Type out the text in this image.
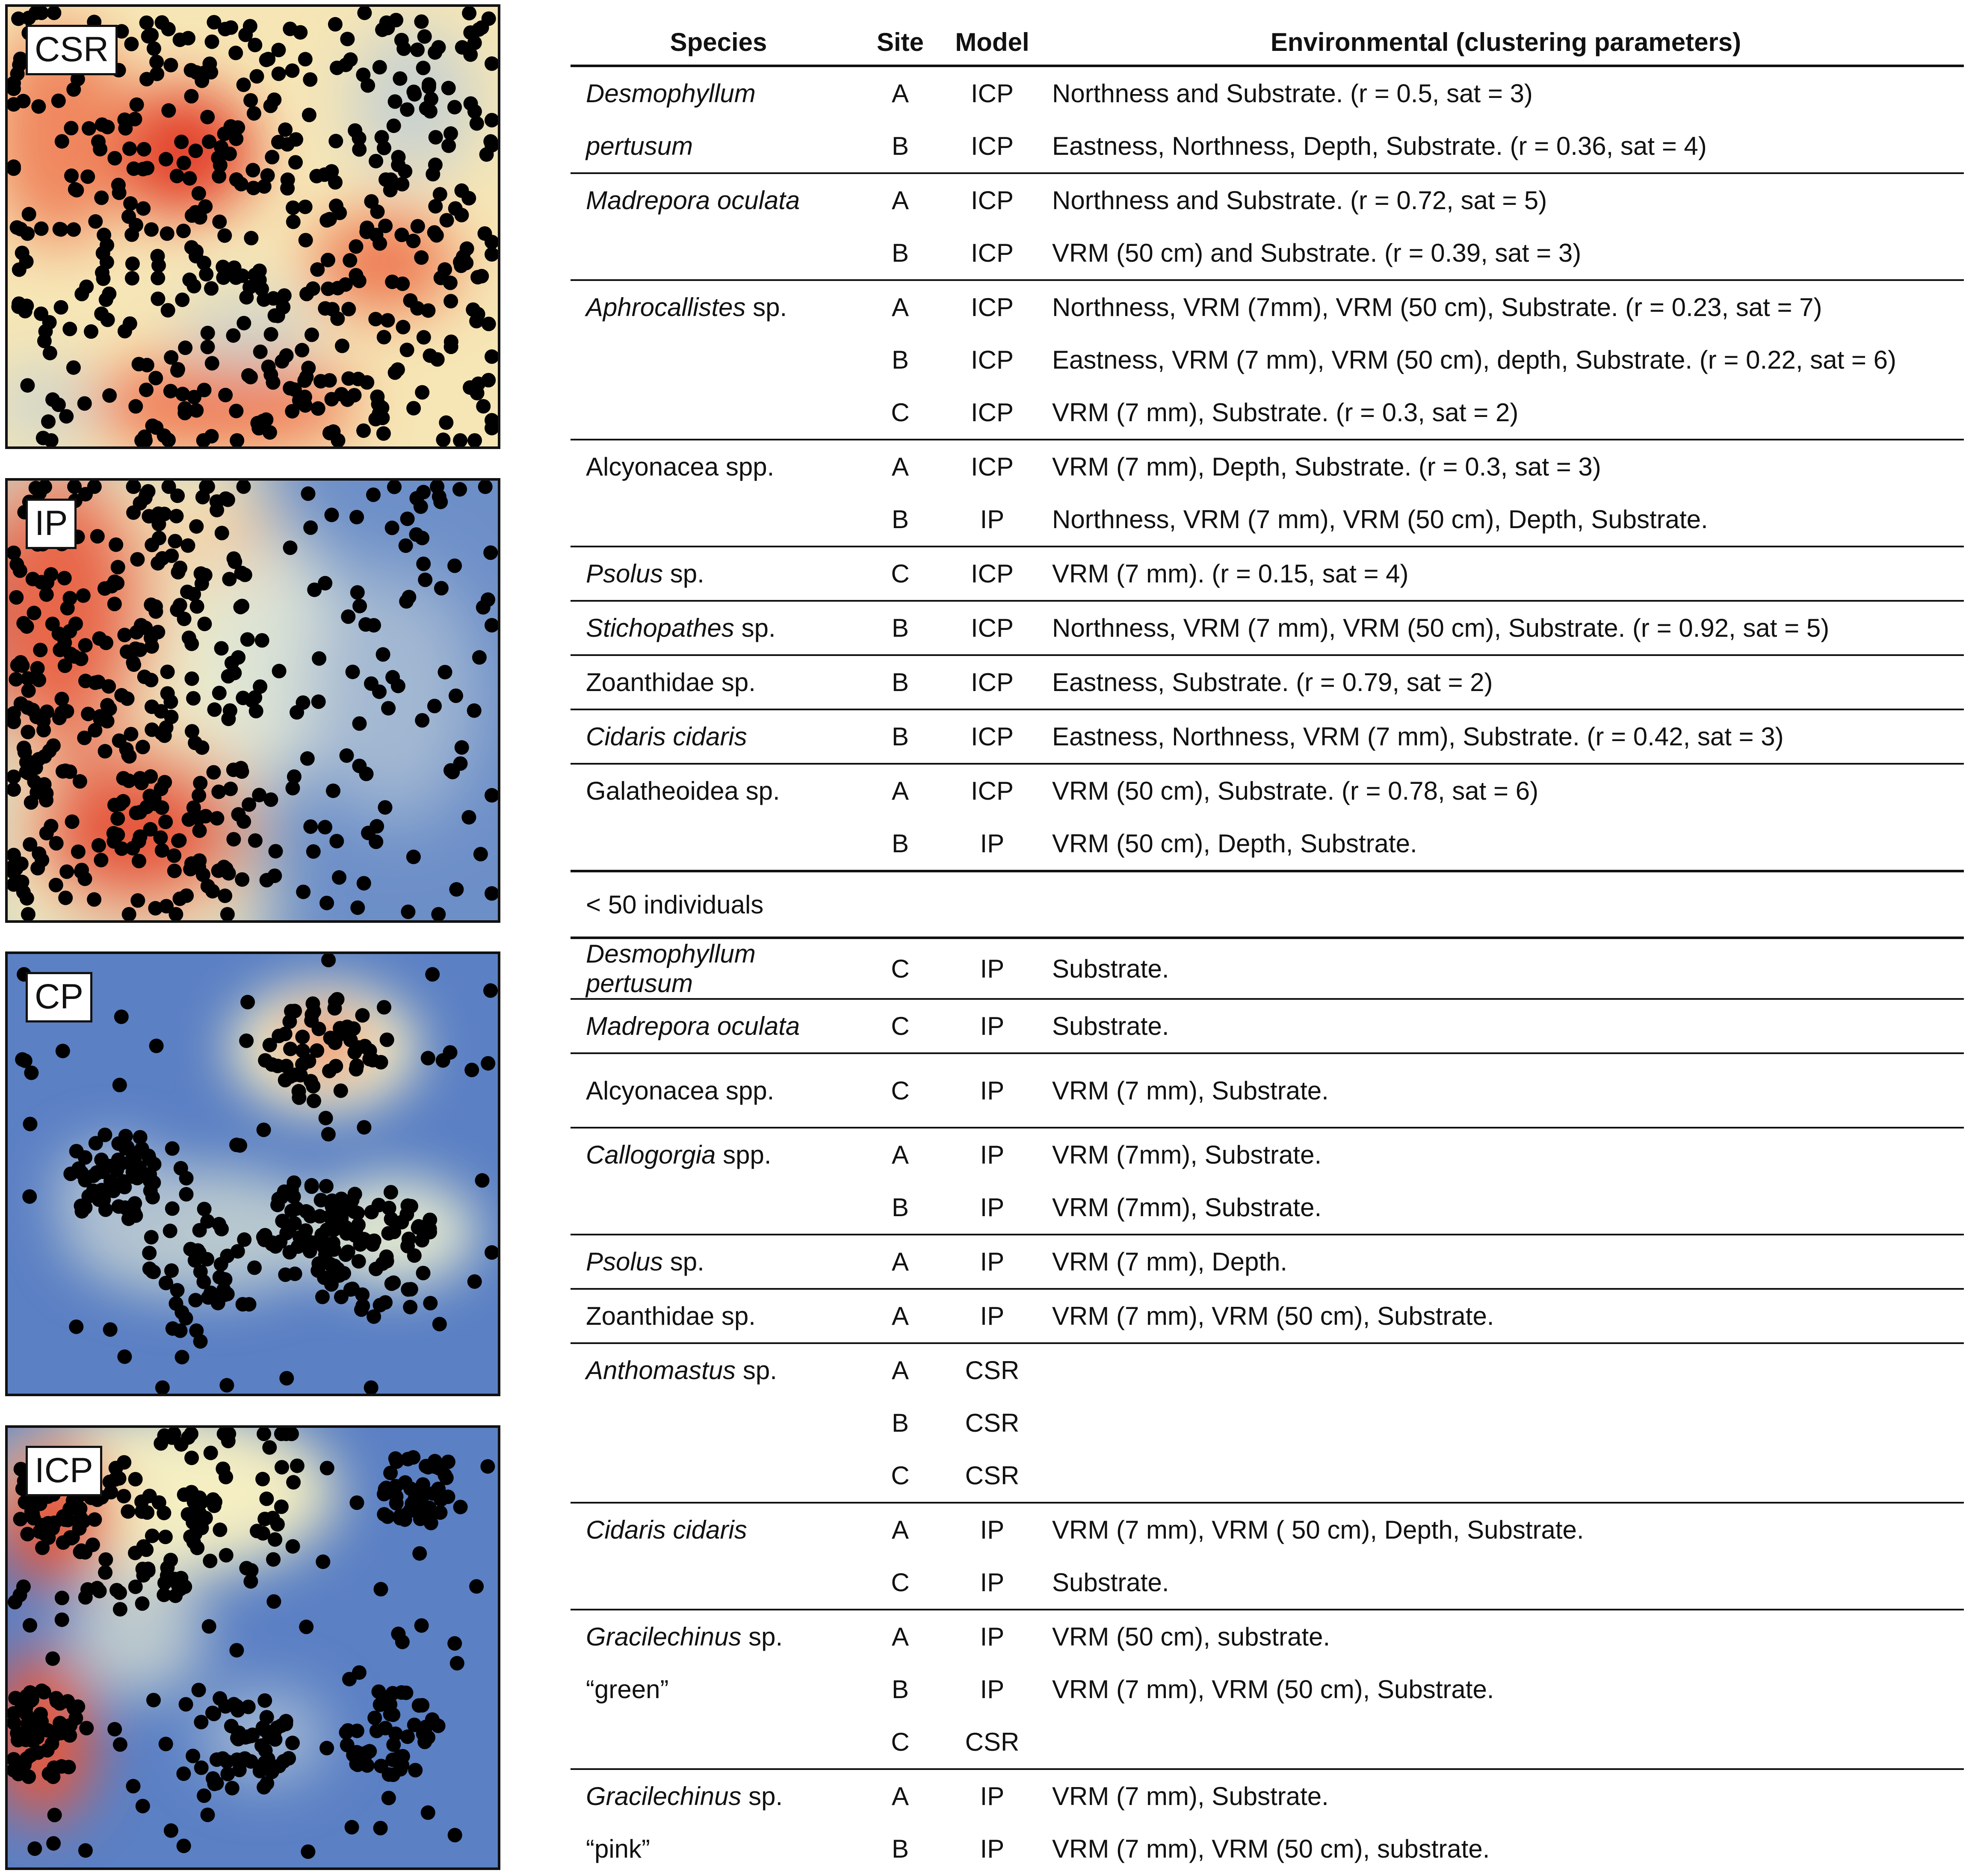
CSR
IP
CP
ICP
Species	Site	Model	Environmental (clustering parameters)
Desmophyllum	A	ICP	Northness and Substrate. (r = 0.5, sat = 3)
pertusum	B	ICP	Eastness, Northness, Depth, Substrate. (r = 0.36, sat = 4)
Madrepora oculata	A	ICP	Northness and Substrate. (r = 0.72, sat = 5)
	B	ICP	VRM (50 cm) and Substrate. (r = 0.39, sat = 3)
Aphrocallistes sp.	A	ICP	Northness, VRM (7mm), VRM (50 cm), Substrate. (r = 0.23, sat = 7)
	B	ICP	Eastness, VRM (7 mm), VRM (50 cm), depth, Substrate. (r = 0.22, sat = 6)
	C	ICP	VRM (7 mm), Substrate. (r = 0.3, sat = 2)
Alcyonacea spp.	A	ICP	VRM (7 mm), Depth, Substrate. (r = 0.3, sat = 3)
	B	IP	Northness, VRM (7 mm), VRM (50 cm), Depth, Substrate.
Psolus sp.	C	ICP	VRM (7 mm). (r = 0.15, sat = 4)
Stichopathes sp.	B	ICP	Northness, VRM (7 mm), VRM (50 cm), Substrate. (r = 0.92, sat = 5)
Zoanthidae sp.	B	ICP	Eastness, Substrate. (r = 0.79, sat = 2)
Cidaris cidaris	B	ICP	Eastness, Northness, VRM (7 mm), Substrate. (r = 0.42, sat = 3)
Galatheoidea sp.	A	ICP	VRM (50 cm), Substrate. (r = 0.78, sat = 6)
	B	IP	VRM (50 cm), Depth, Substrate.
< 50 individuals			
Desmophyllum pertusum	C	IP	Substrate.
Madrepora oculata	C	IP	Substrate.
Alcyonacea spp.	C	IP	VRM (7 mm), Substrate.
Callogorgia spp.	A	IP	VRM (7mm), Substrate.
	B	IP	VRM (7mm), Substrate.
Psolus sp.	A	IP	VRM (7 mm), Depth.
Zoanthidae sp.	A	IP	VRM (7 mm), VRM (50 cm), Substrate.
Anthomastus sp.	A	CSR	
	B	CSR	
	C	CSR	
Cidaris cidaris	A	IP	VRM (7 mm), VRM ( 50 cm), Depth, Substrate.
	C	IP	Substrate.
Gracilechinus sp.	A	IP	VRM (50 cm), substrate.
“green”	B	IP	VRM (7 mm), VRM (50 cm), Substrate.
	C	CSR	
Gracilechinus sp.	A	IP	VRM (7 mm), Substrate.
“pink”	B	IP	VRM (7 mm), VRM (50 cm), substrate.
